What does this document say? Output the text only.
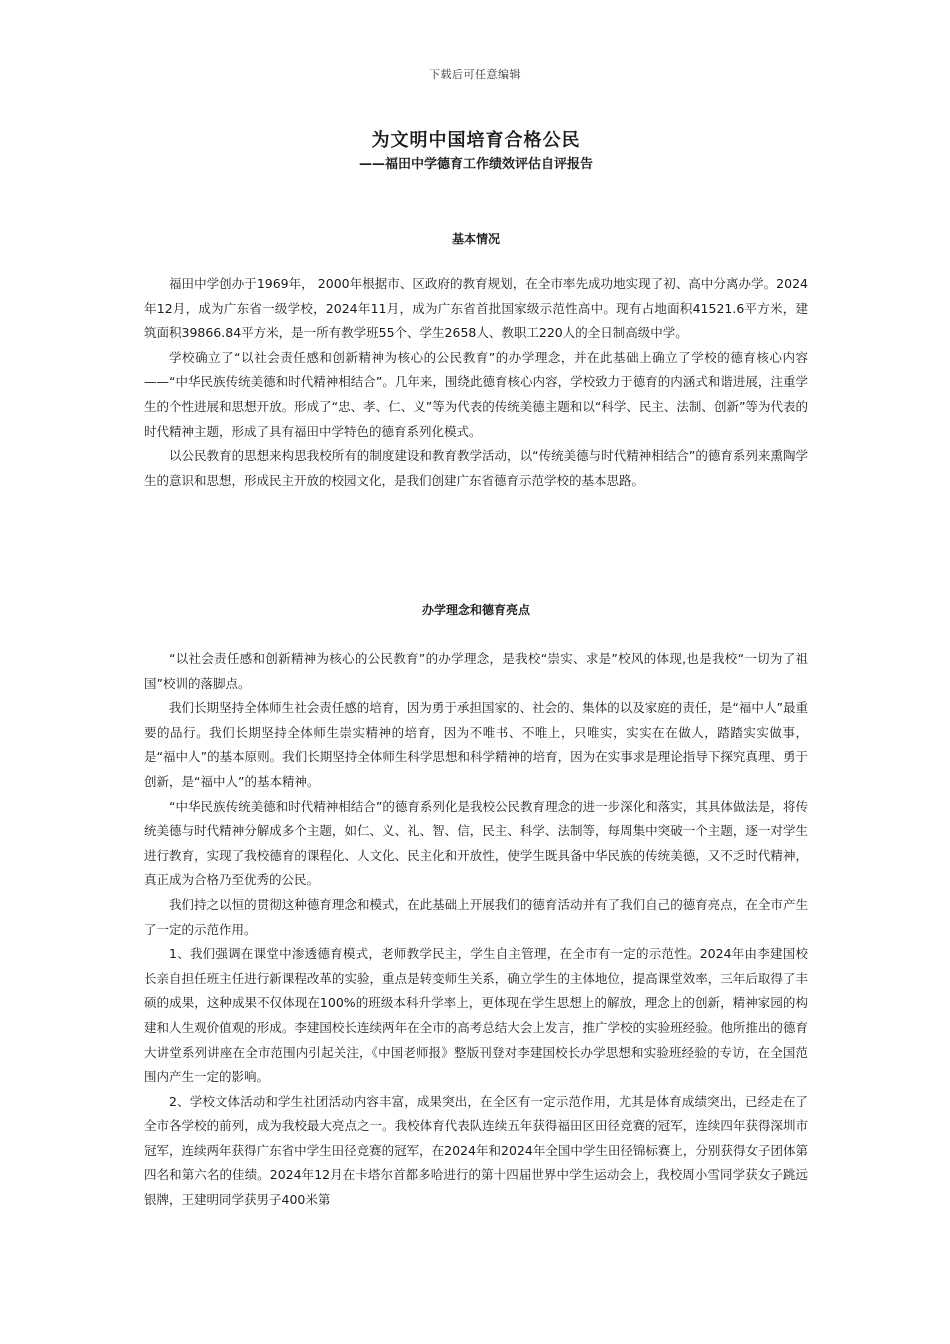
下载后可任意编辑
为文明中国培育合格公民
——福田中学德育工作绩效评估自评报告
基本情况

福田中学创办于1969年， 2000年根据市、区政府的教育规划，在全市率先成功地实现了初、高中分离办学。2024年12月，成为广东省一级学校，2024年11月，成为广东省首批国家级示范性高中。现有占地面积41521.6平方米，建筑面积39866.84平方米，是一所有教学班55个、学生2658人、教职工220人的全日制高级中学。

学校确立了“以社会责任感和创新精神为核心的公民教育”的办学理念，并在此基础上确立了学校的德育核心内容——“中华民族传统美德和时代精神相结合”。几年来，围绕此德育核心内容，学校致力于德育的内涵式和谐进展，注重学生的个性进展和思想开放。形成了“忠、孝、仁、义”等为代表的传统美德主题和以“科学、民主、法制、创新”等为代表的时代精神主题，形成了具有福田中学特色的德育系列化模式。

以公民教育的思想来构思我校所有的制度建设和教育教学活动，以“传统美德与时代精神相结合”的德育系列来熏陶学生的意识和思想，形成民主开放的校园文化，是我们创建广东省德育示范学校的基本思路。

办学理念和德育亮点

“以社会责任感和创新精神为核心的公民教育”的办学理念，是我校“崇实、求是”校风的体现,也是我校“一切为了祖国”校训的落脚点。

我们长期坚持全体师生社会责任感的培育，因为勇于承担国家的、社会的、集体的以及家庭的责任，是“福中人”最重要的品行。我们长期坚持全体师生崇实精神的培育，因为不唯书、不唯上，只唯实，实实在在做人，踏踏实实做事，是“福中人”的基本原则。我们长期坚持全体师生科学思想和科学精神的培育，因为在实事求是理论指导下探究真理、勇于创新，是“福中人”的基本精神。

“中华民族传统美德和时代精神相结合”的德育系列化是我校公民教育理念的进一步深化和落实，其具体做法是，将传统美德与时代精神分解成多个主题，如仁、义、礼、智、信，民主、科学、法制等，每周集中突破一个主题，逐一对学生进行教育，实现了我校德育的课程化、人文化、民主化和开放性，使学生既具备中华民族的传统美德，又不乏时代精神，真正成为合格乃至优秀的公民。

我们持之以恒的贯彻这种德育理念和模式，在此基础上开展我们的德育活动并有了我们自己的德育亮点，在全市产生了一定的示范作用。

1、我们强调在课堂中渗透德育模式，老师教学民主，学生自主管理，在全市有一定的示范性。2024年由李建国校长亲自担任班主任进行新课程改革的实验，重点是转变师生关系，确立学生的主体地位，提高课堂效率，三年后取得了丰硕的成果，这种成果不仅体现在100%的班级本科升学率上，更体现在学生思想上的解放，理念上的创新，精神家园的构建和人生观价值观的形成。李建国校长连续两年在全市的高考总结大会上发言，推广学校的实验班经验。他所推出的德育大讲堂系列讲座在全市范围内引起关注，《中国老师报》整版刊登对李建国校长办学思想和实验班经验的专访，在全国范围内产生一定的影响。

2、学校文体活动和学生社团活动内容丰富，成果突出，在全区有一定示范作用，尤其是体育成绩突出，已经走在了全市各学校的前列，成为我校最大亮点之一。我校体育代表队连续五年获得福田区田径竞赛的冠军，连续四年获得深圳市冠军，连续两年获得广东省中学生田径竞赛的冠军，在2024年和2024年全国中学生田径锦标赛上，分别获得女子团体第四名和第六名的佳绩。2024年12月在卡塔尔首都多哈进行的第十四届世界中学生运动会上，我校周小雪同学获女子跳远银牌，王建明同学获男子400米第
